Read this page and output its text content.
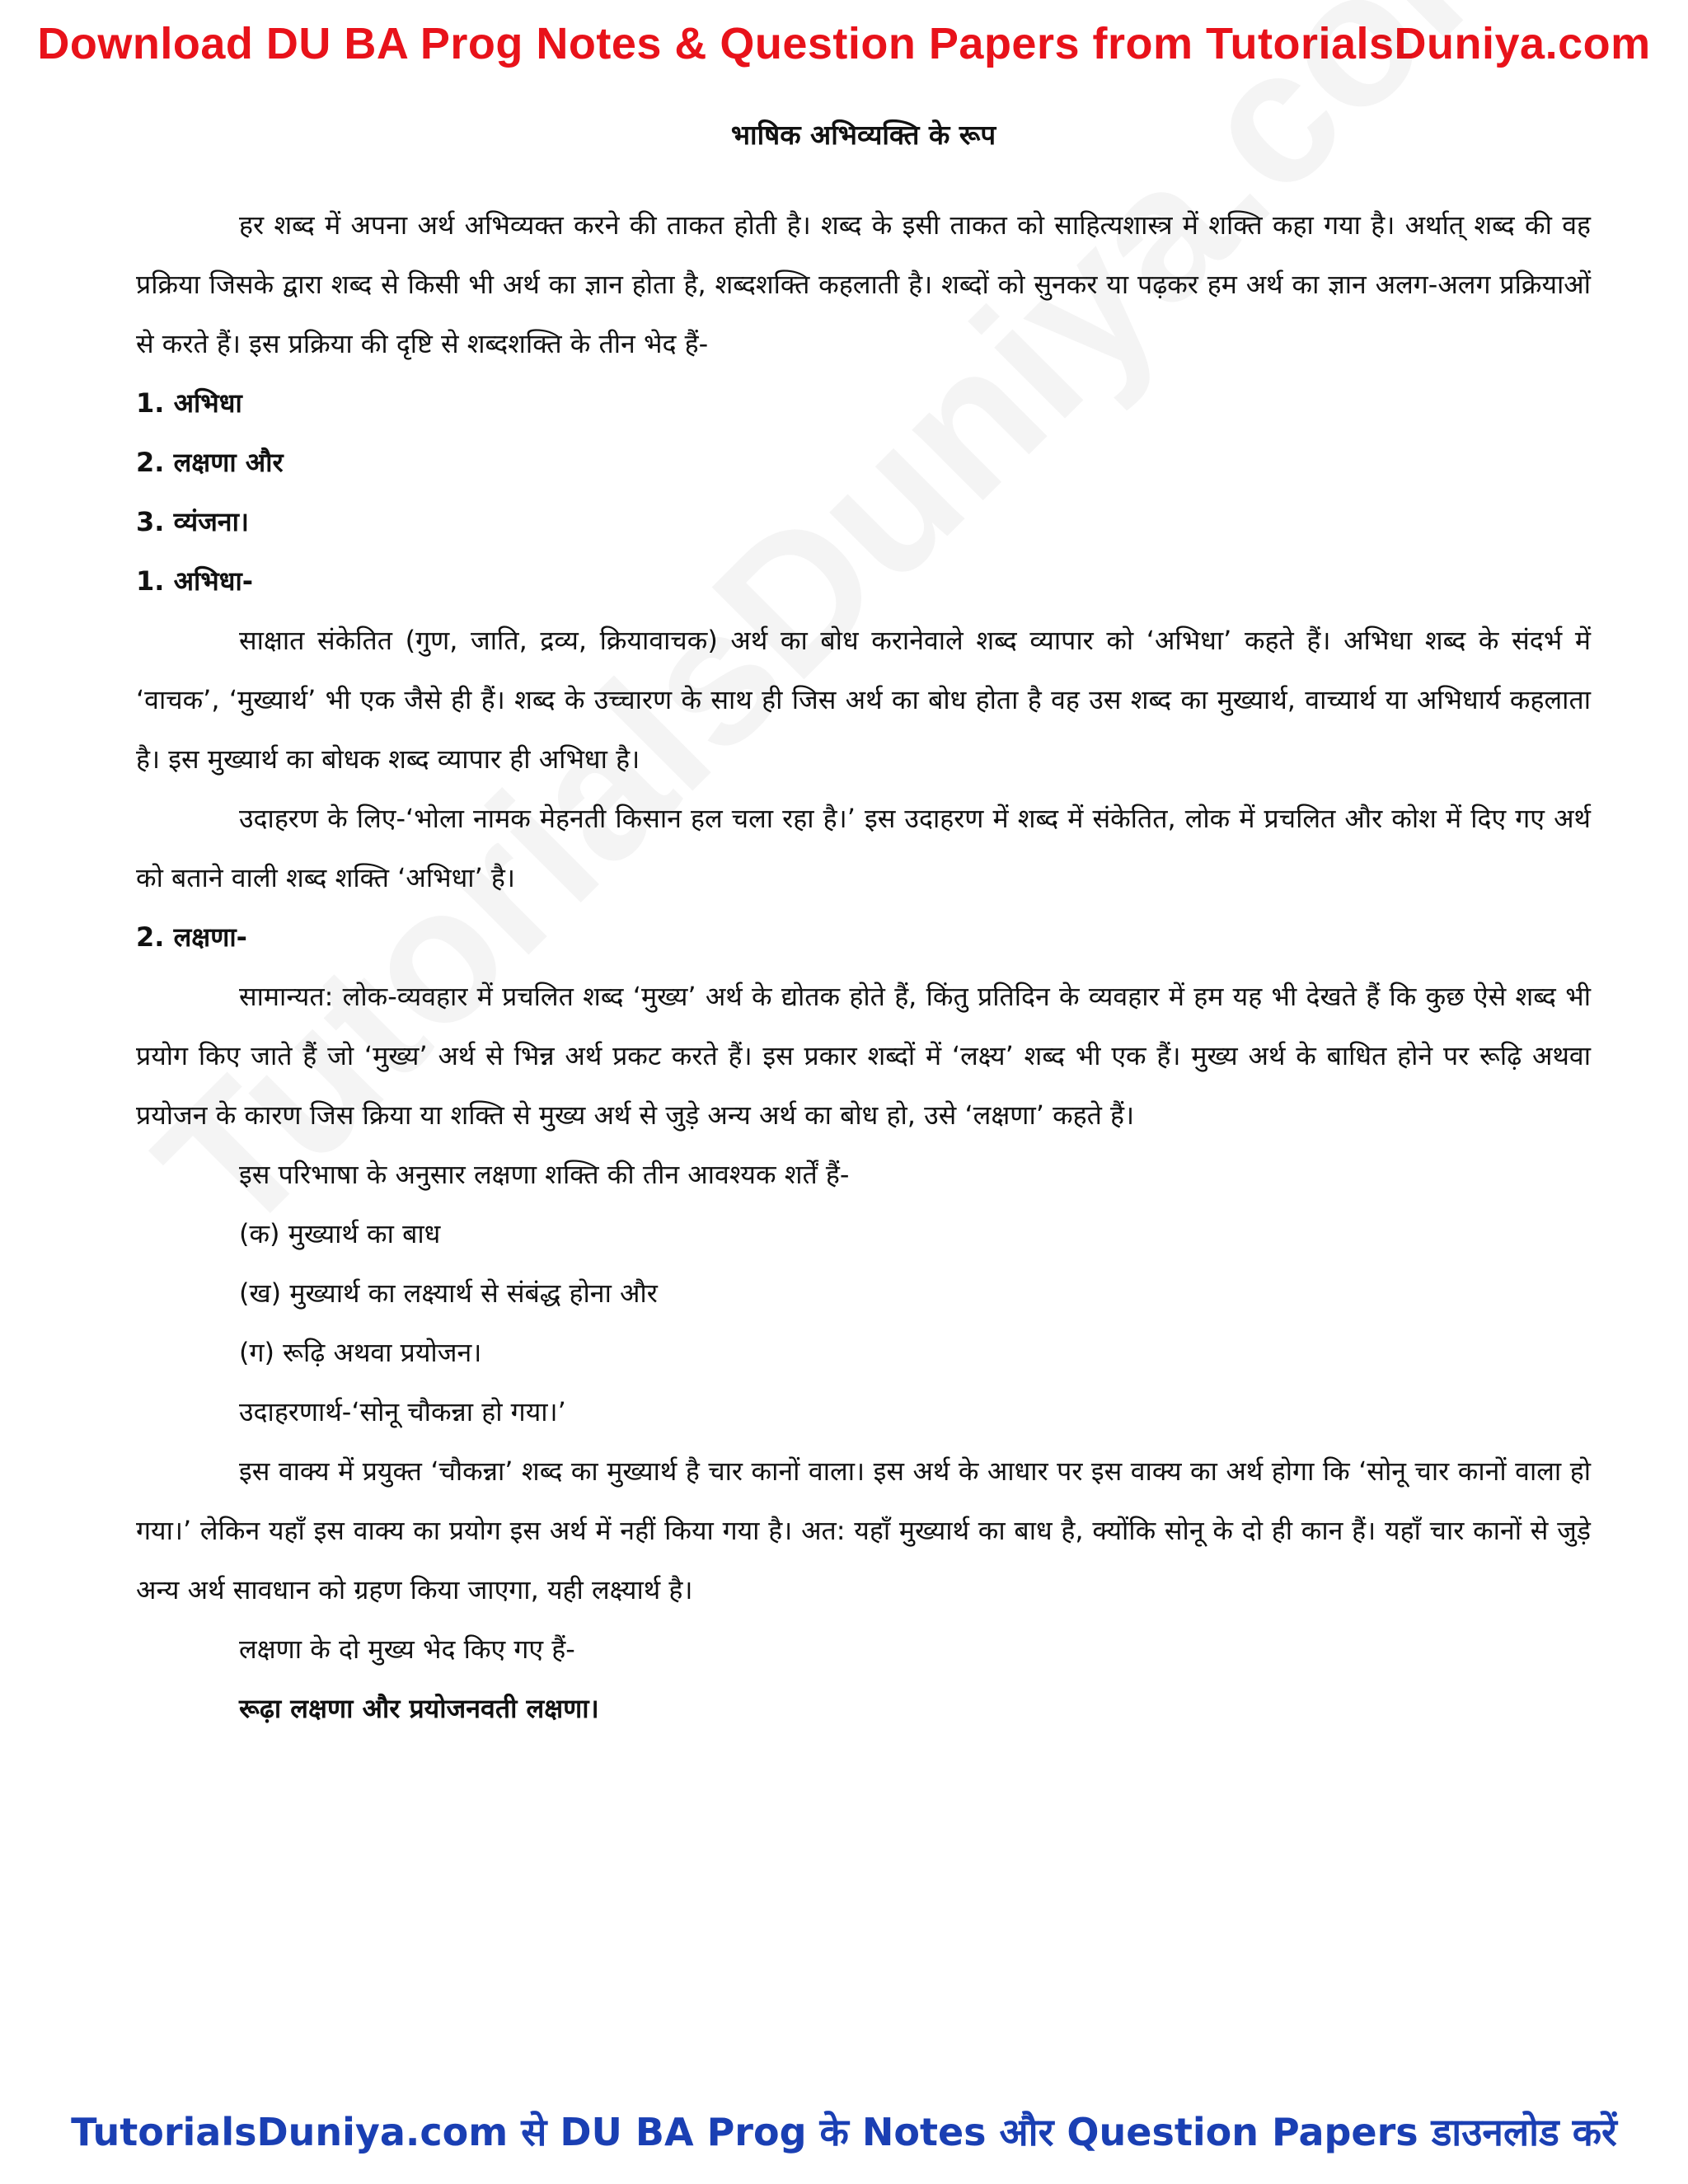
Download DU BA Prog Notes & Question Papers from TutorialsDuniya.com
भाषिक अभिव्यक्ति के रूप

हर शब्द में अपना अर्थ अभिव्यक्त करने की ताकत होती है। शब्द के इसी ताकत को साहित्यशास्त्र में शक्ति कहा गया है। अर्थात् शब्द की वह प्रक्रिया जिसके द्वारा शब्द से किसी भी अर्थ का ज्ञान होता है, शब्दशक्ति कहलाती है। शब्दों को सुनकर या पढ़कर हम अर्थ का ज्ञान अलग-अलग प्रक्रियाओं से करते हैं। इस प्रक्रिया की दृष्टि से शब्दशक्ति के तीन भेद हैं-

1. अभिधा

2. लक्षणा और

3. व्यंजना।

1. अभिधा-

साक्षात संकेतित (गुण, जाति, द्रव्य, क्रियावाचक) अर्थ का बोध करानेवाले शब्द व्यापार को ‘अभिधा’ कहते हैं। अभिधा शब्द के संदर्भ में ‘वाचक’, ‘मुख्यार्थ’ भी एक जैसे ही हैं। शब्द के उच्चारण के साथ ही जिस अर्थ का बोध होता है वह उस शब्द का मुख्यार्थ, वाच्यार्थ या अभिधार्य कहलाता है। इस मुख्यार्थ का बोधक शब्द व्यापार ही अभिधा है।

उदाहरण के लिए-‘भोला नामक मेहनती किसान हल चला रहा है।’ इस उदाहरण में शब्द में संकेतित, लोक में प्रचलित और कोश में दिए गए अर्थ को बताने वाली शब्द शक्ति ‘अभिधा’ है।

2. लक्षणा-

सामान्यत: लोक-व्यवहार में प्रचलित शब्द ‘मुख्य’ अर्थ के द्योतक होते हैं, किंतु प्रतिदिन के व्यवहार में हम यह भी देखते हैं कि कुछ ऐसे शब्द भी प्रयोग किए जाते हैं जो ‘मुख्य’ अर्थ से भिन्न अर्थ प्रकट करते हैं। इस प्रकार शब्दों में ‘लक्ष्य’ शब्द भी एक हैं। मुख्य अर्थ के बाधित होने पर रूढ़ि अथवा प्रयोजन के कारण जिस क्रिया या शक्ति से मुख्य अर्थ से जुड़े अन्य अर्थ का बोध हो, उसे ‘लक्षणा’ कहते हैं।

इस परिभाषा के अनुसार लक्षणा शक्ति की तीन आवश्यक शर्तें हैं-

(क) मुख्यार्थ का बाध

(ख) मुख्यार्थ का लक्ष्यार्थ से संबंद्ध होना और

(ग) रूढ़ि अथवा प्रयोजन।

उदाहरणार्थ-‘सोनू चौकन्ना हो गया।’

इस वाक्य में प्रयुक्त ‘चौकन्ना’ शब्द का मुख्यार्थ है चार कानों वाला। इस अर्थ के आधार पर इस वाक्य का अर्थ होगा कि ‘सोनू चार कानों वाला हो गया।’ लेकिन यहाँ इस वाक्य का प्रयोग इस अर्थ में नहीं किया गया है। अत: यहाँ मुख्यार्थ का बाध है, क्योंकि सोनू के दो ही कान हैं। यहाँ चार कानों से जुड़े अन्य अर्थ सावधान को ग्रहण किया जाएगा, यही लक्ष्यार्थ है।

लक्षणा के दो मुख्य भेद किए गए हैं-

रूढ़ा लक्षणा और प्रयोजनवती लक्षणा।

TutorialsDuniya.com से DU BA Prog के Notes और Question Papers डाउनलोड करें
